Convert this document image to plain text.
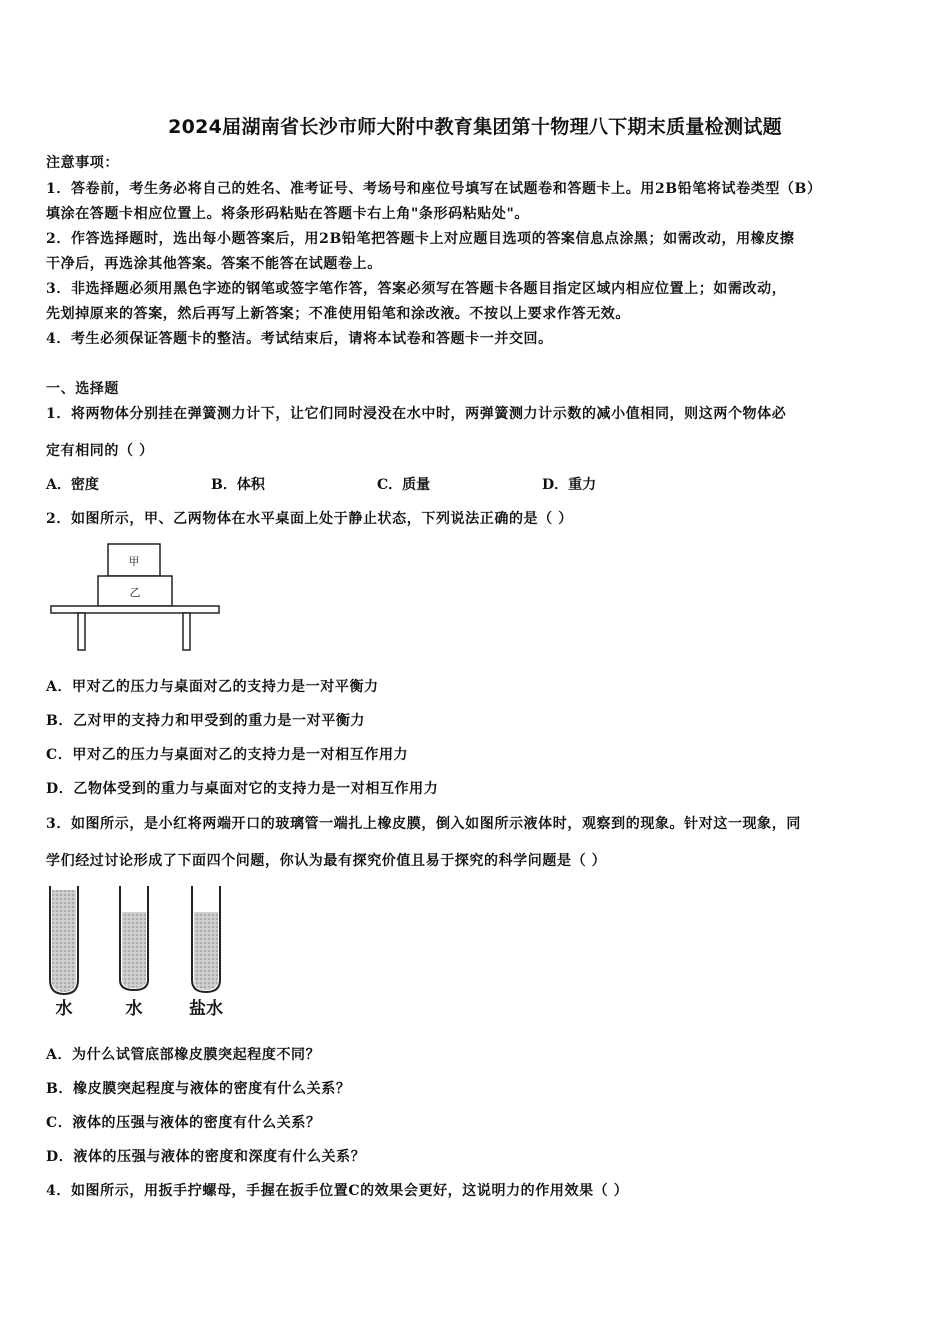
2024届湖南省长沙市师大附中教育集团第十物理八下期末质量检测试题
注意事项：
1．答卷前，考生务必将自己的姓名、准考证号、考场号和座位号填写在试题卷和答题卡上。用2B铅笔将试卷类型（B）
填涂在答题卡相应位置上。将条形码粘贴在答题卡右上角"条形码粘贴处"。
2．作答选择题时，选出每小题答案后，用2B铅笔把答题卡上对应题目选项的答案信息点涂黑；如需改动，用橡皮擦
干净后，再选涂其他答案。答案不能答在试题卷上。
3．非选择题必须用黑色字迹的钢笔或签字笔作答，答案必须写在答题卡各题目指定区域内相应位置上；如需改动，
先划掉原来的答案，然后再写上新答案；不准使用铅笔和涂改液。不按以上要求作答无效。
4．考生必须保证答题卡的整洁。考试结束后，请将本试卷和答题卡一并交回。
一、选择题
1．将两物体分别挂在弹簧测力计下，让它们同时浸没在水中时，两弹簧测力计示数的减小值相同，则这两个物体必
定有相同的（ ）
A．密度	B．体积	C．质量	D．重力
2．如图所示，甲、乙两物体在水平桌面上处于静止状态，下列说法正确的是（ ）
甲
乙
A．甲对乙的压力与桌面对乙的支持力是一对平衡力
B．乙对甲的支持力和甲受到的重力是一对平衡力
C．甲对乙的压力与桌面对乙的支持力是一对相互作用力
D．乙物体受到的重力与桌面对它的支持力是一对相互作用力
3．如图所示，是小红将两端开口的玻璃管一端扎上橡皮膜，倒入如图所示液体时，观察到的现象。针对这一现象，同
学们经过讨论形成了下面四个问题，你认为最有探究价值且易于探究的科学问题是（ ）
水	水	盐水
A．为什么试管底部橡皮膜突起程度不同？
B．橡皮膜突起程度与液体的密度有什么关系？
C．液体的压强与液体的密度有什么关系？
D．液体的压强与液体的密度和深度有什么关系？
4．如图所示，用扳手拧螺母，手握在扳手位置C的效果会更好，这说明力的作用效果（ ）
